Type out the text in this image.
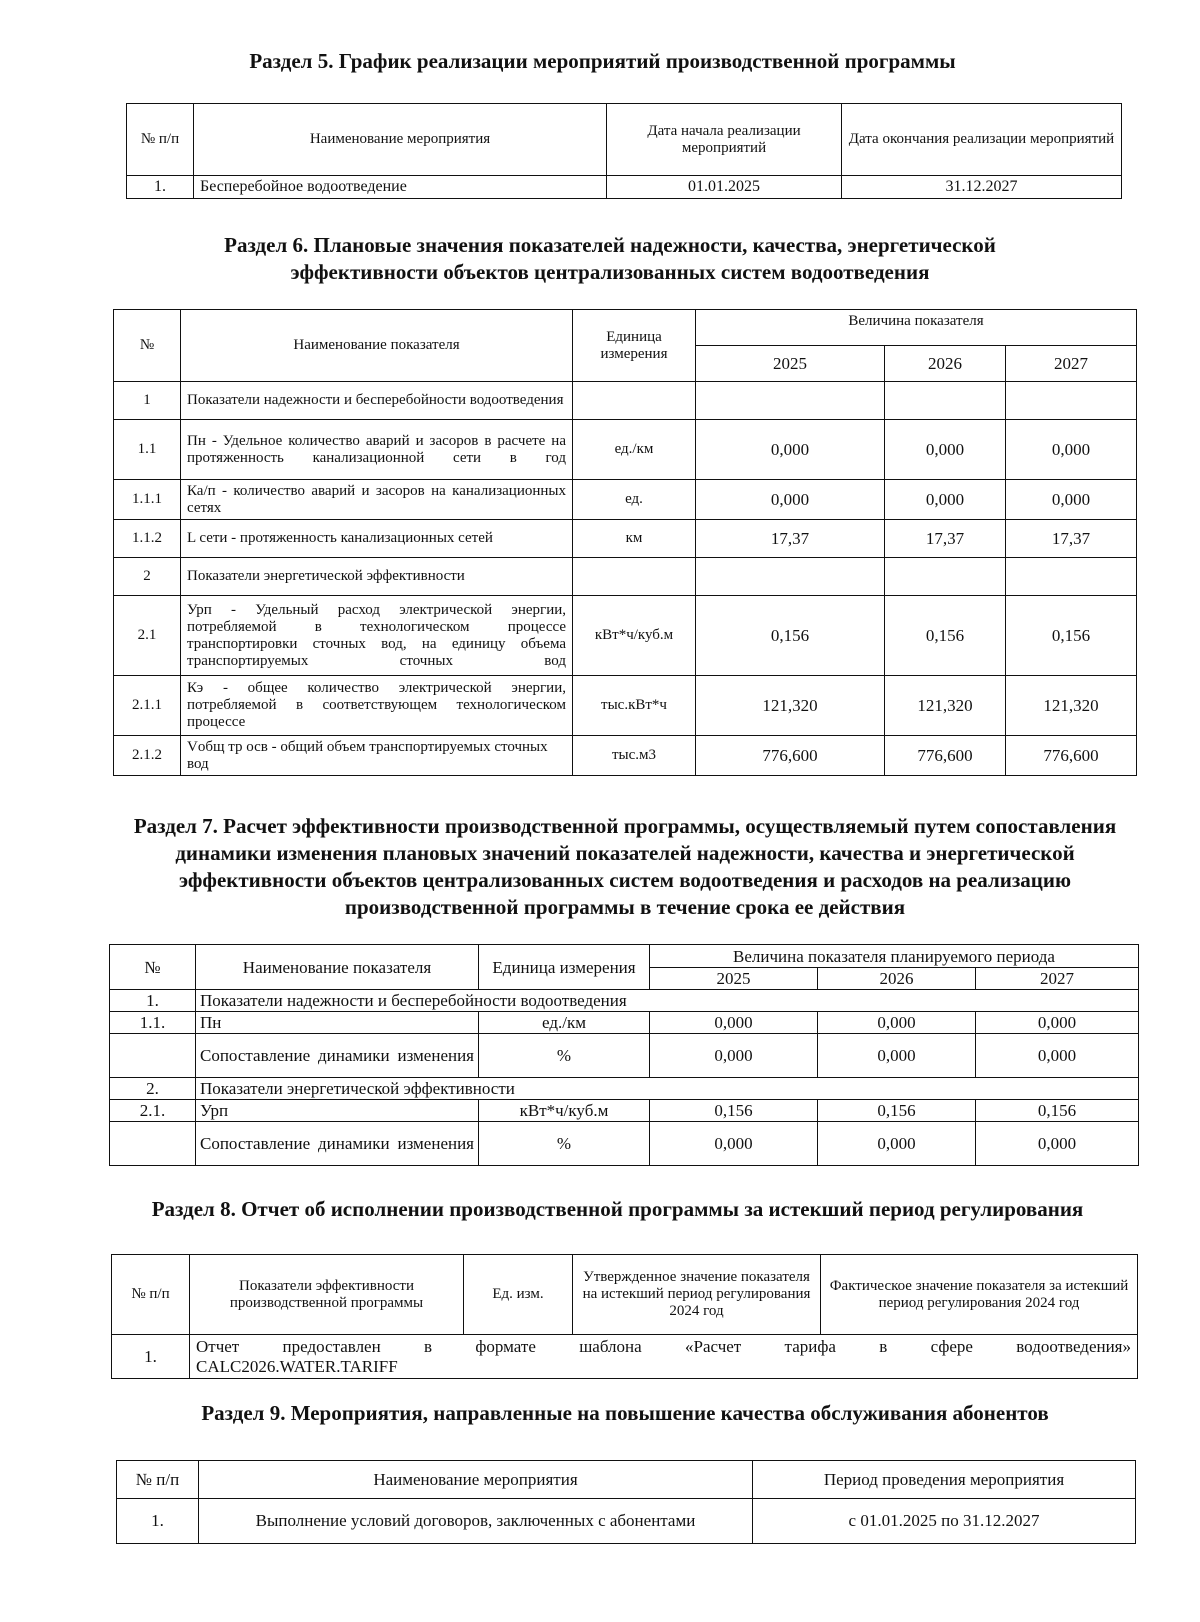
Раздел 5. График реализации мероприятий производственной программы
№ п/п	Наименование мероприятия	Дата начала реализации мероприятий	Дата окончания реализации мероприятий
1.	Бесперебойное водоотведение	01.01.2025	31.12.2027
Раздел 6. Плановые значения показателей надежности, качества, энергетической эффективности объектов централизованных систем водоотведения
№	Наименование показателя	Единица измерения	Величина показателя		
			2025	2026	2027
1	Показатели надежности и бесперебойности водоотведения				
1.1	Пн - Удельное количество аварий и засоров в расчете на протяженность канализационной сети в год	ед./км	0,000	0,000	0,000
1.1.1	Ка/п - количество аварий и засоров на канализационных сетях	ед.	0,000	0,000	0,000
1.1.2	L сети - протяженность канализационных сетей	км	17,37	17,37	17,37
2	Показатели энергетической эффективности				
2.1	Урп - Удельный расход электрической энергии, потребляемой в технологическом процессе транспортировки сточных вод, на единицу объема транспортируемых сточных вод	кВт*ч/куб.м	0,156	0,156	0,156
2.1.1	Кэ - общее количество электрической энергии, потребляемой в соответствующем технологическом процессе	тыс.кВт*ч	121,320	121,320	121,320
2.1.2	Vобщ тр осв - общий объем транспортируемых сточных вод	тыс.м3	776,600	776,600	776,600
Раздел 7. Расчет эффективности производственной программы, осуществляемый путем сопоставления динамики изменения плановых значений показателей надежности, качества и энергетической эффективности объектов централизованных систем водоотведения и расходов на реализацию производственной программы в течение срока ее действия
№	Наименование показателя	Единица измерения	Величина показателя планируемого периода		
			2025	2026	2027
1.	Показатели надежности и бесперебойности водоотведения				
1.1.	Пн	ед./км	0,000	0,000	0,000
	Сопоставление динамики изменения	%	0,000	0,000	0,000
2.	Показатели энергетической эффективности				
2.1.	Урп	кВт*ч/куб.м	0,156	0,156	0,156
	Сопоставление динамики изменения	%	0,000	0,000	0,000
Раздел 8. Отчет об исполнении производственной программы за истекший период регулирования
№ п/п	Показатели эффективности производственной программы	Ед. изм.	Утвержденное значение показателя на истекший период регулирования 2024 год	Фактическое значение показателя за истекший период регулирования 2024 год
1.	Отчет предоставлен в формате шаблона «Расчет тарифа в сфере водоотведения»
CALC2026.WATER.TARIFF			
Раздел 9. Мероприятия, направленные на повышение качества обслуживания абонентов
№ п/п	Наименование мероприятия	Период проведения мероприятия
1.	Выполнение условий договоров, заключенных с абонентами	с 01.01.2025 по 31.12.2027
